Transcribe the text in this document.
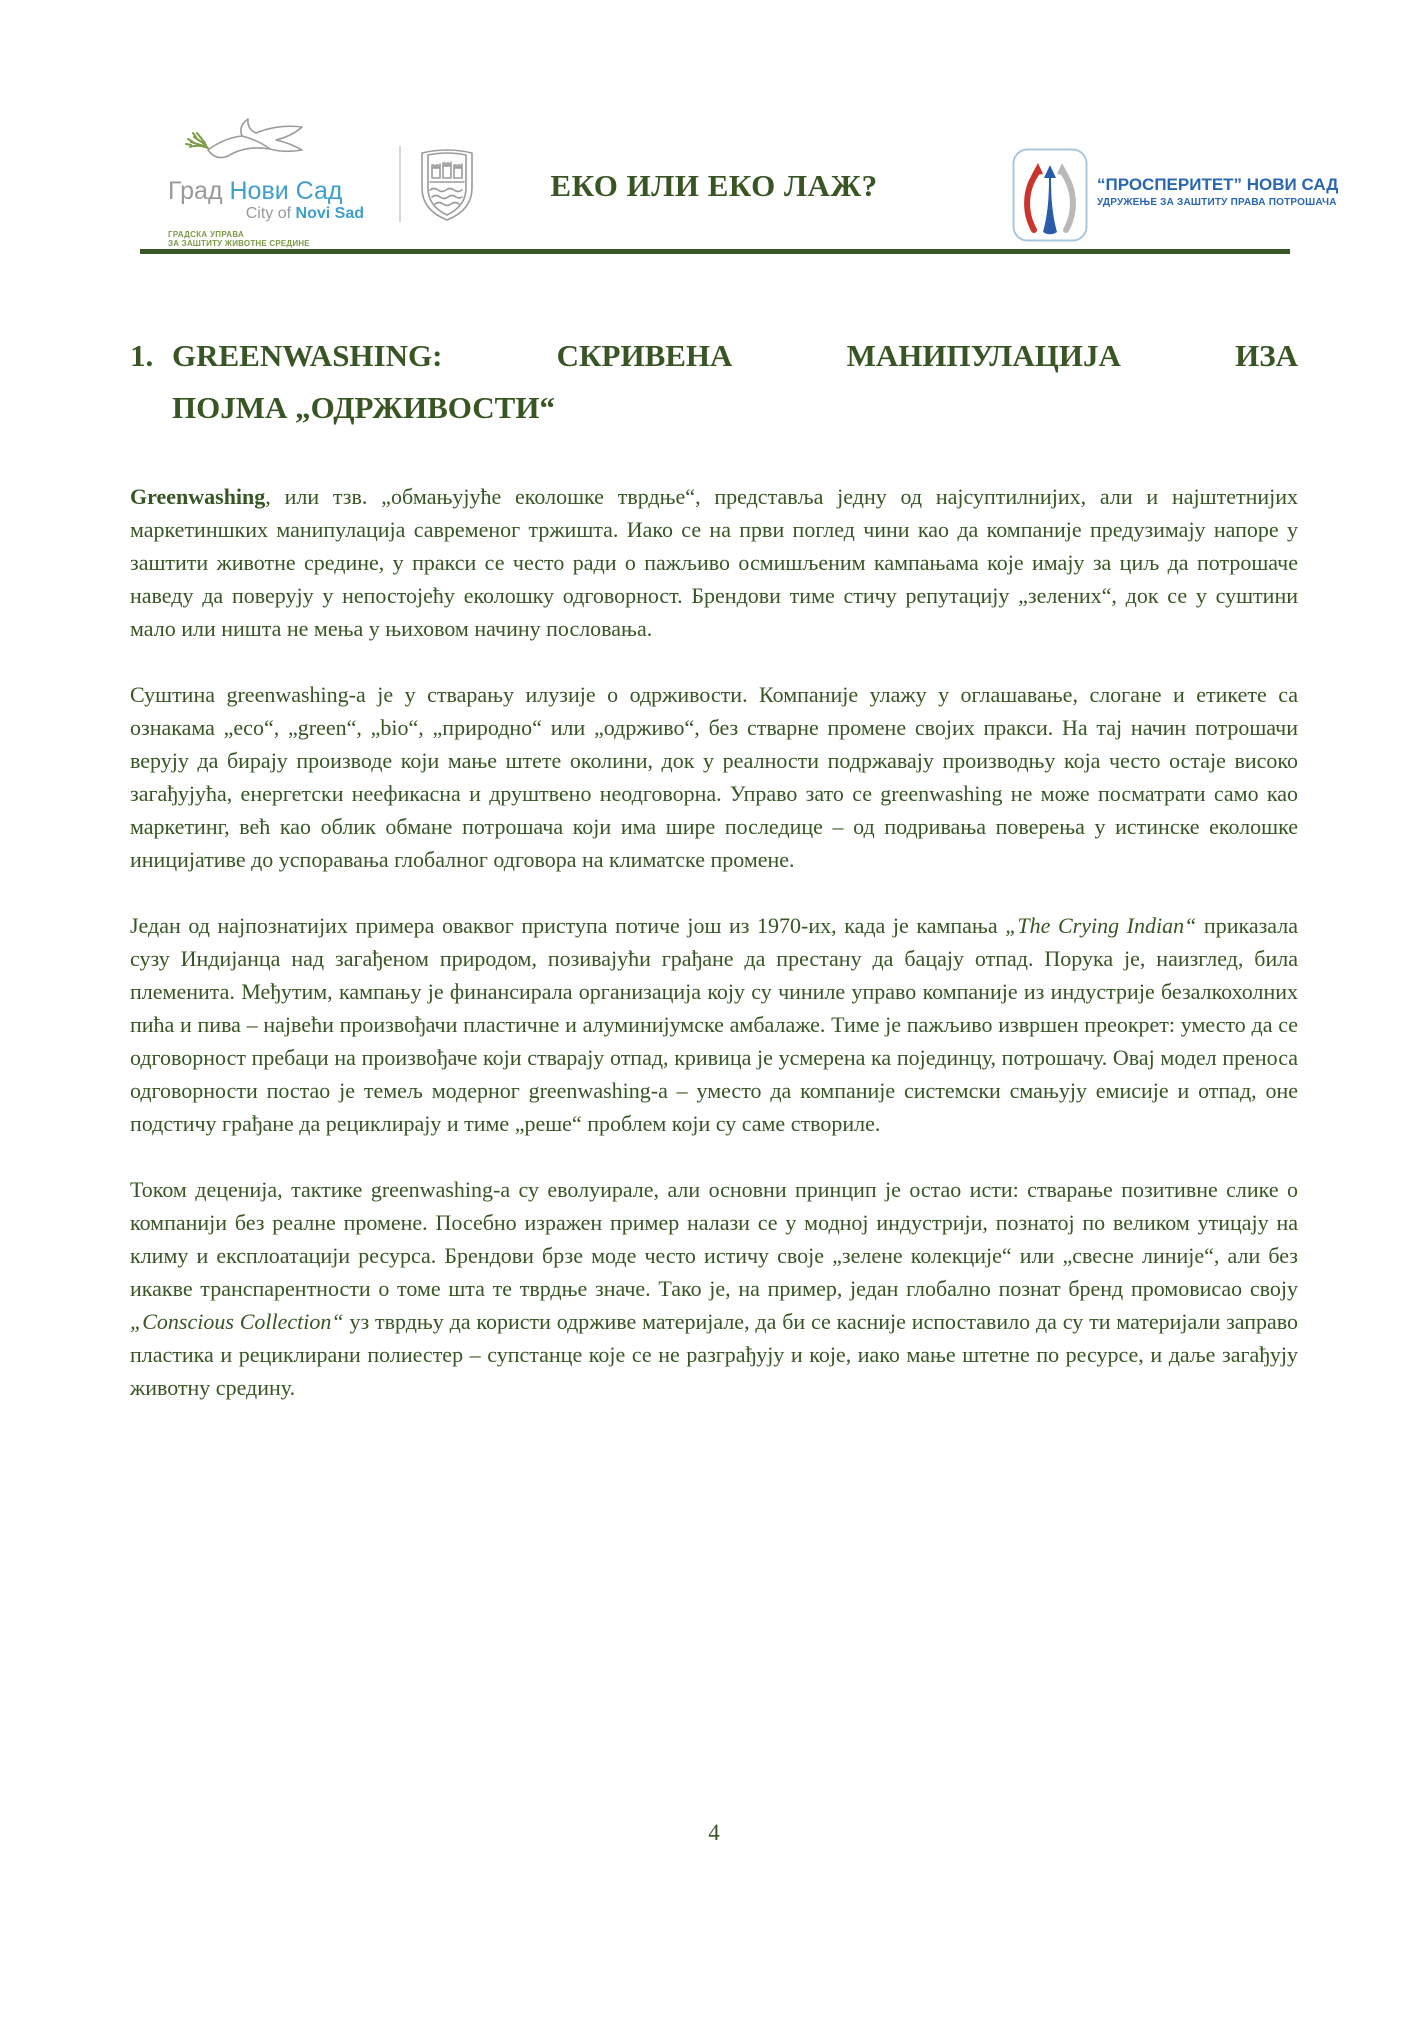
Град Нови Сад
City of Novi Sad
ГРАДСКА УПРАВА
ЗА ЗАШТИТУ ЖИВОТНЕ СРЕДИНЕ
ЕКО ИЛИ ЕКО ЛАЖ?	“ПРОСПЕРИТЕТ” НОВИ САД
УДРУЖЕЊЕ ЗА ЗАШТИТУ ПРАВА ПОТРОШАЧА
1. GREENWASHING: СКРИВЕНА МАНИПУЛАЦИЈА ИЗА
ПОЈМА „ОДРЖИВОСТИ“

Greenwashing, или тзв. „обмањујуће еколошке тврдње“, представља једну од најсуптилнијих, али и најштетнијих маркетиншких манипулација савременог тржишта. Иако се на први поглед чини као да компаније предузимају напоре у заштити животне средине, у пракси се често ради о пажљиво осмишљеним кампањама које имају за циљ да потрошаче наведу да поверују у непостојећу еколошку одговорност. Брендови тиме стичу репутацију „зелених“, док се у суштини мало или ништа не мења у њиховом начину пословања.

Суштина greenwashing-a је у стварању илузије о одрживости. Компаније улажу у оглашавање, слогане и етикете са ознакама „eco“, „green“, „bio“, „природно“ или „одрживо“, без стварне промене својих пракси. На тај начин потрошачи верују да бирају производе који мање штете околини, док у реалности подржавају производњу која често остаје високо загађујућа, енергетски неефикасна и друштвено неодговорна. Управо зато се greenwashing не може посматрати само као маркетинг, већ као облик обмане потрошача који има шире последице – од подривања поверења у истинске еколошке иницијативе до успоравања глобалног одговора на климатске промене.

Један од најпознатијих примера оваквог приступа потиче још из 1970-их, када је кампања „The Crying Indian“ приказала сузу Индијанца над загађеном природом, позивајући грађане да престану да бацају отпад. Порука је, наизглед, била племенита. Међутим, кампању је финансирала организација коју су чиниле управо компаније из индустрије безалкохолних пића и пива – највећи произвођачи пластичне и алуминијумске амбалаже. Тиме је пажљиво извршен преокрет: уместо да се одговорност пребаци на произвођаче који стварају отпад, кривица је усмерена ка појединцу, потрошачу. Овај модел преноса одговорности постао је темељ модерног greenwashing-a – уместо да компаније системски смањују емисије и отпад, оне подстичу грађане да рециклирају и тиме „реше“ проблем који су саме створиле.

Током деценија, тактике greenwashing-a су еволуирале, али основни принцип је остао исти: стварање позитивне слике о компанији без реалне промене. Посебно изражен пример налази се у модној индустрији, познатој по великом утицају на климу и експлоатацији ресурса. Брендови брзе моде често истичу своје „зелене колекције“ или „свесне линије“, али без икакве транспарентности о томе шта те тврдње значе. Тако је, на пример, један глобално познат бренд промовисао своју „Conscious Collection“ уз тврдњу да користи одрживе материјале, да би се касније испоставило да су ти материјали заправо пластика и рециклирани полиестер – супстанце које се не разграђују и које, иако мање штетне по ресурсе, и даље загађују животну средину.

4
